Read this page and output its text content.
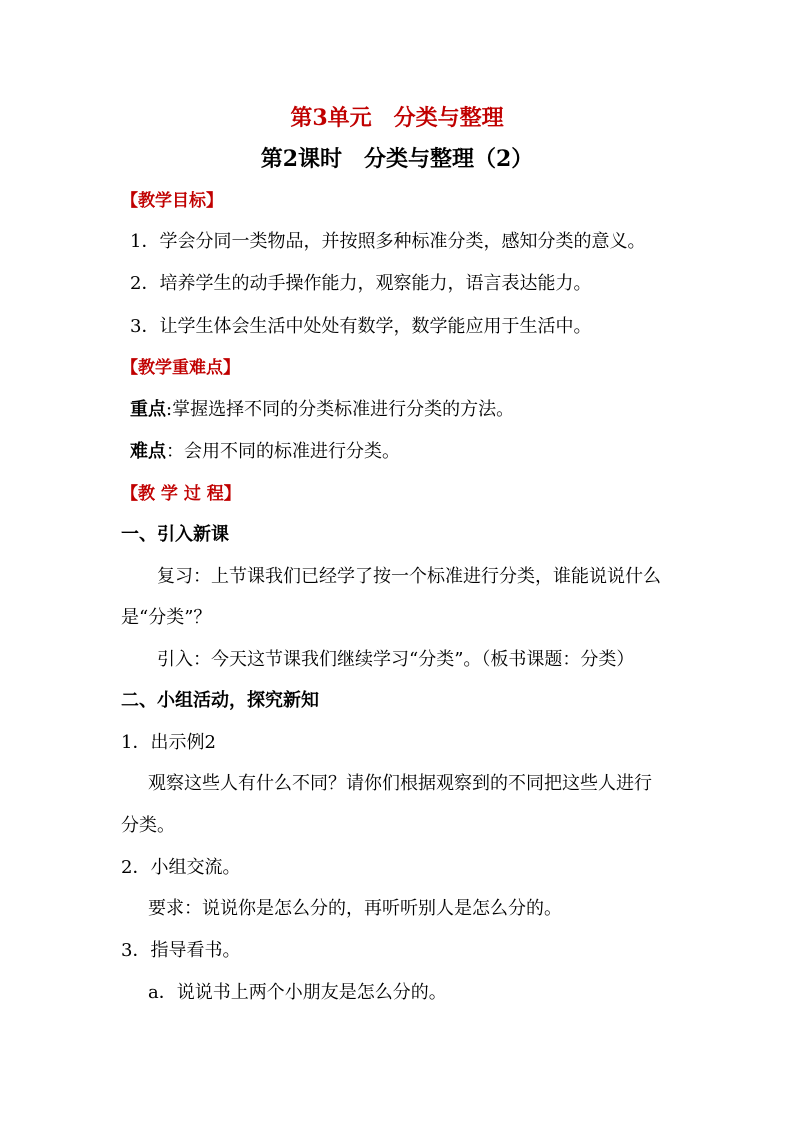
第3单元　分类与整理
第2课时　分类与整理（2）
【教学目标】
1．学会分同一类物品，并按照多种标准分类，感知分类的意义。
2．培养学生的动手操作能力，观察能力，语言表达能力。
3．让学生体会生活中处处有数学，数学能应用于生活中。
【教学重难点】
重点:掌握选择不同的分类标准进行分类的方法。
难点：会用不同的标准进行分类。
【教 学 过 程】
一、引入新课
复习：上节课我们已经学了按一个标准进行分类，谁能说说什么
是“分类”？
引入：今天这节课我们继续学习“分类”。（板书课题：分类）
二、小组活动，探究新知
1．出示例2
观察这些人有什么不同？请你们根据观察到的不同把这些人进行
分类。
2．小组交流。
要求：说说你是怎么分的，再听听别人是怎么分的。
3．指导看书。
a．说说书上两个小朋友是怎么分的。
